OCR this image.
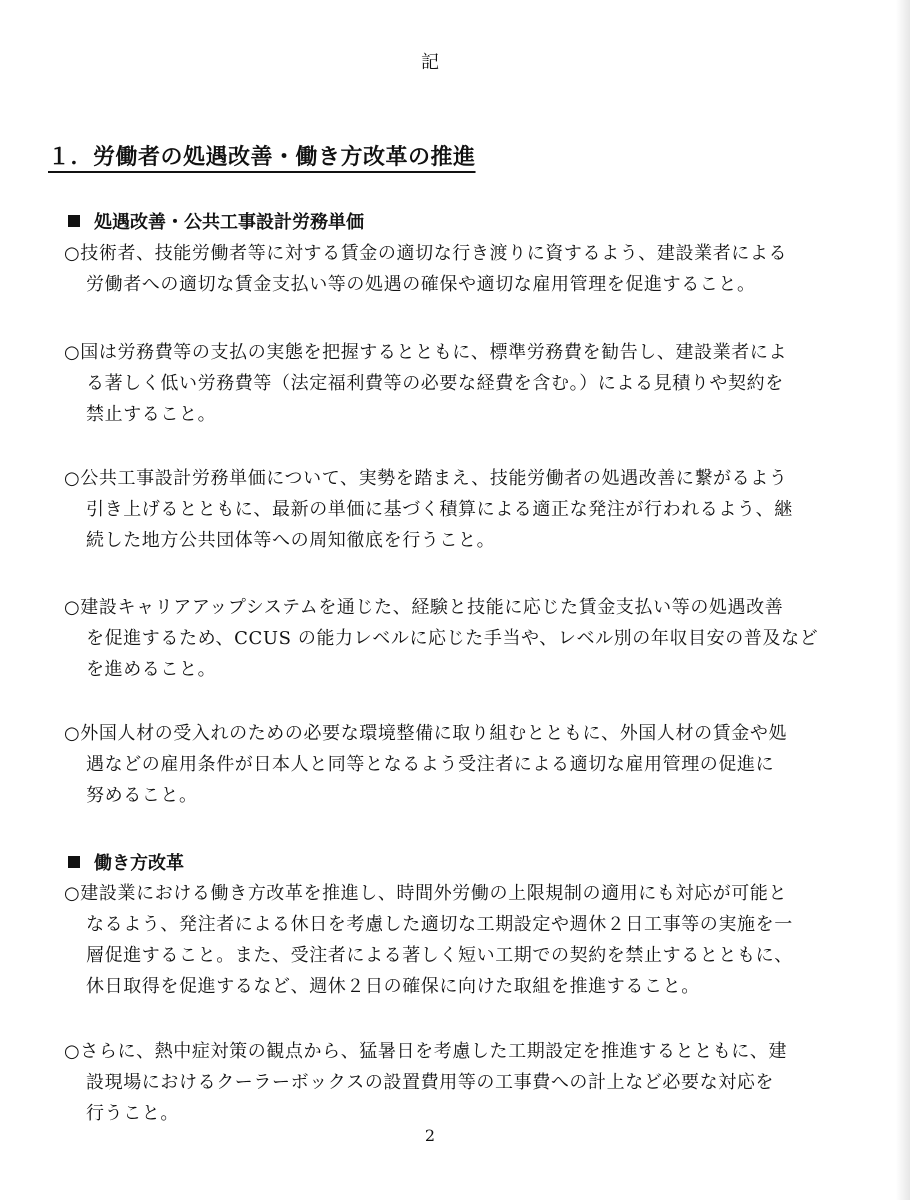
記
１．労働者の処遇改善・働き方改革の推進
処遇改善・公共工事設計労務単価
○技術者、技能労働者等に対する賃金の適切な行き渡りに資するよう、建設業者による
労働者への適切な賃金支払い等の処遇の確保や適切な雇用管理を促進すること。
○国は労務費等の支払の実態を把握するとともに、標準労務費を勧告し、建設業者によ
る著しく低い労務費等（法定福利費等の必要な経費を含む。）による見積りや契約を
禁止すること。
○公共工事設計労務単価について、実勢を踏まえ、技能労働者の処遇改善に繋がるよう
引き上げるとともに、最新の単価に基づく積算による適正な発注が行われるよう、継
続した地方公共団体等への周知徹底を行うこと。
○建設キャリアアップシステムを通じた、経験と技能に応じた賃金支払い等の処遇改善
を促進するため、CCUS の能力レベルに応じた手当や、レベル別の年収目安の普及など
を進めること。
○外国人材の受入れのための必要な環境整備に取り組むとともに、外国人材の賃金や処
遇などの雇用条件が日本人と同等となるよう受注者による適切な雇用管理の促進に
努めること。
働き方改革
○建設業における働き方改革を推進し、時間外労働の上限規制の適用にも対応が可能と
なるよう、発注者による休日を考慮した適切な工期設定や週休２日工事等の実施を一
層促進すること。また、受注者による著しく短い工期での契約を禁止するとともに、
休日取得を促進するなど、週休２日の確保に向けた取組を推進すること。
○さらに、熱中症対策の観点から、猛暑日を考慮した工期設定を推進するとともに、建
設現場におけるクーラーボックスの設置費用等の工事費への計上など必要な対応を
行うこと。
2
